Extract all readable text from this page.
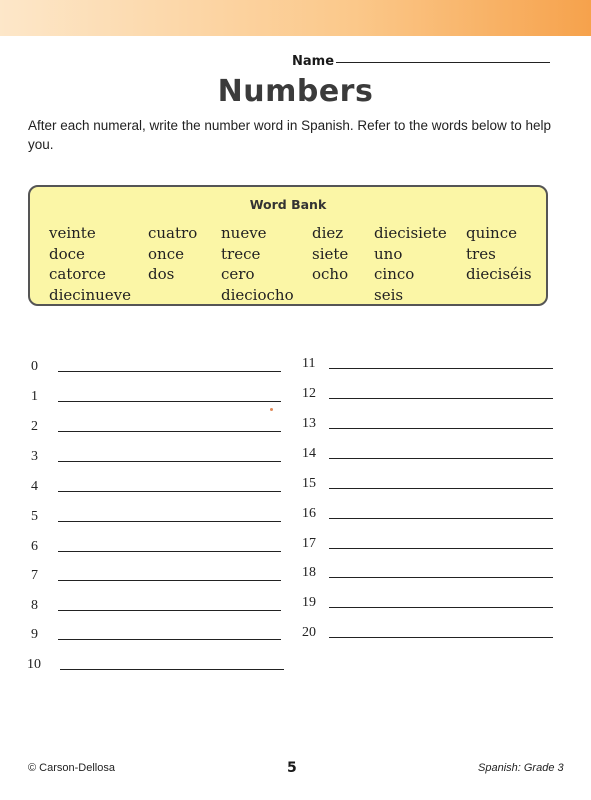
Name
Numbers
After each numeral, write the number word in Spanish. Refer to the words below to help you.
Word Bank
veinte
doce
catorce
diecinueve
cuatro
once
dos
nueve
trece
cero
dieciocho
diez
siete
ocho
diecisiete
uno
cinco
seis
quince
tres
dieciséis
0
1
2
3
4
5
6
7
8
9
10
11
12
13
14
15
16
17
18
19
20
© Carson-Dellosa	5	Spanish: Grade 3
